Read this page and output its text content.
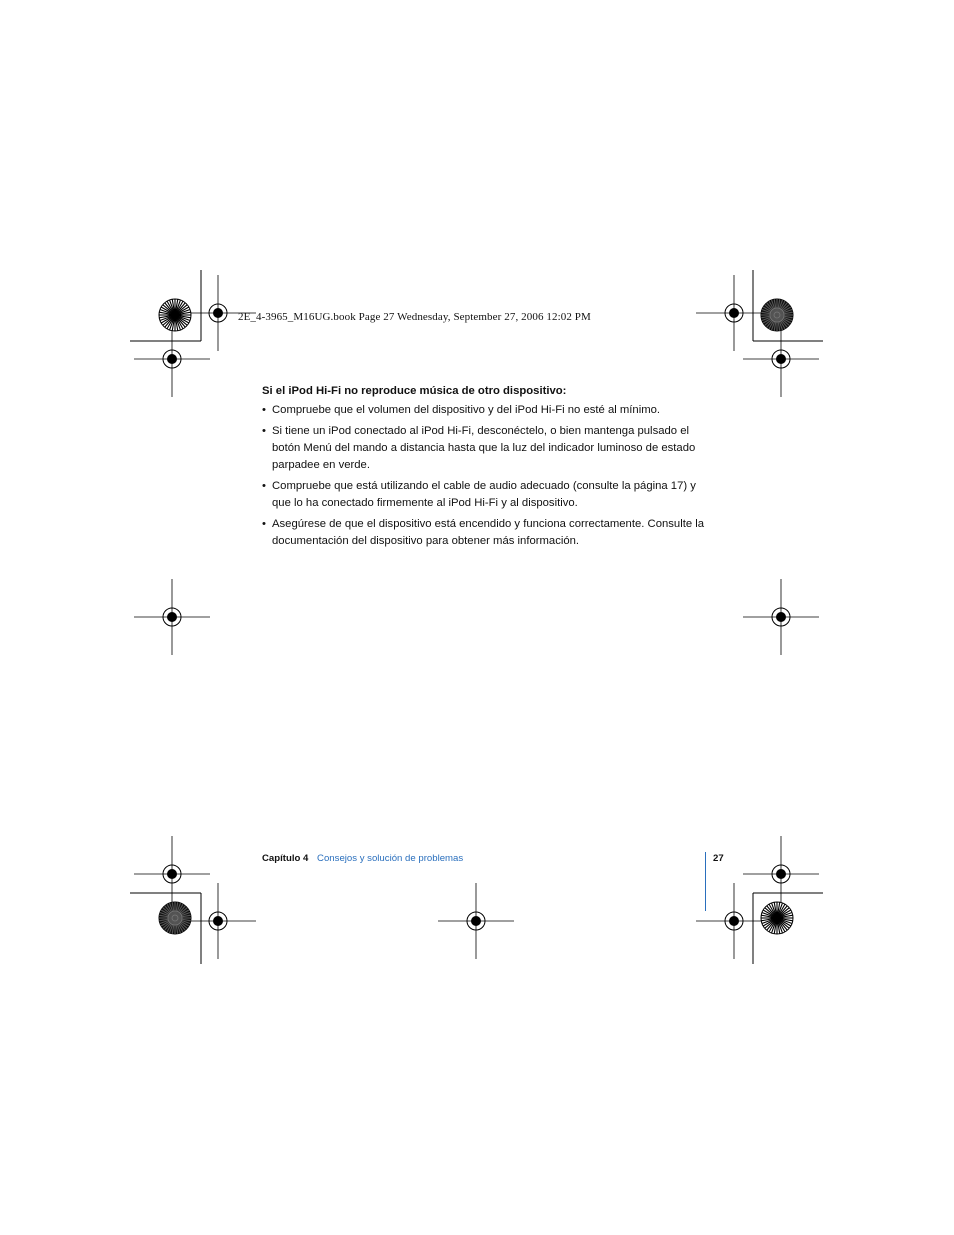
2E_4-3965_M16UG.book Page 27 Wednesday, September 27, 2006 12:02 PM
Si el iPod Hi-Fi no reproduce música de otro dispositivo:
• Compruebe que el volumen del dispositivo y del iPod Hi-Fi no esté al mínimo.
• Si tiene un iPod conectado al iPod Hi-Fi, desconéctelo, o bien mantenga pulsado el botón Menú del mando a distancia hasta que la luz del indicador luminoso de estado parpadee en verde.
• Compruebe que está utilizando el cable de audio adecuado (consulte la página 17) y que lo ha conectado firmemente al iPod Hi-Fi y al dispositivo.
• Asegúrese de que el dispositivo está encendido y funciona correctamente. Consulte la documentación del dispositivo para obtener más información.
Capítulo 4 Consejos y solución de problemas	27
